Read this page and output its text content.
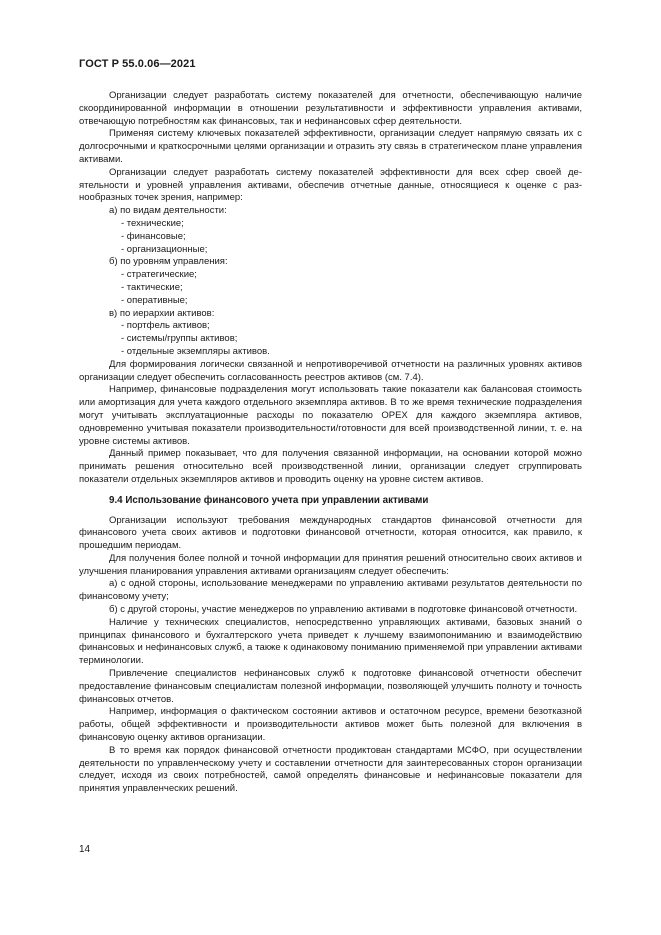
ГОСТ Р 55.0.06—2021

Организации следует разработать систему показателей для отчетности, обеспечивающую наличие скоординированной информации в отношении результативности и эффективности управления активами, отвечающую потребностям как финансовых, так и нефинансовых сфер деятельности.

Применяя систему ключевых показателей эффективности, организации следует напрямую связать их с долгосрочными и краткосрочными целями организации и отразить эту связь в стратегическом плане управления активами.

Организации следует разработать систему показателей эффективности для всех сфер своей деятельности и уровней управления активами, обеспечив отчетные данные, относящиеся к оценке с разнообразных точек зрения, например:

а) по видам деятельности:
- технические;
- финансовые;
- организационные;
б) по уровням управления:
- стратегические;
- тактические;
- оперативные;
в) по иерархии активов:
- портфель активов;
- системы/группы активов;
- отдельные экземпляры активов.

Для формирования логически связанной и непротиворечивой отчетности на различных уровнях активов организации следует обеспечить согласованность реестров активов (см. 7.4).

Например, финансовые подразделения могут использовать такие показатели как балансовая стоимость или амортизация для учета каждого отдельного экземпляра активов. В то же время технические подразделения могут учитывать эксплуатационные расходы по показателю OPEX для каждого экземпляра активов, одновременно учитывая показатели производительности/готовности для всей производственной линии, т. е. на уровне системы активов.

Данный пример показывает, что для получения связанной информации, на основании которой можно принимать решения относительно всей производственной линии, организации следует сгруппировать показатели отдельных экземпляров активов и проводить оценку на уровне систем активов.

9.4 Использование финансового учета при управлении активами

Организации используют требования международных стандартов финансовой отчетности для финансового учета своих активов и подготовки финансовой отчетности, которая относится, как правило, к прошедшим периодам.

Для получения более полной и точной информации для принятия решений относительно своих активов и улучшения планирования управления активами организациям следует обеспечить:

а) с одной стороны, использование менеджерами по управлению активами результатов деятельности по финансовому учету;

б) с другой стороны, участие менеджеров по управлению активами в подготовке финансовой отчетности.

Наличие у технических специалистов, непосредственно управляющих активами, базовых знаний о принципах финансового и бухгалтерского учета приведет к лучшему взаимопониманию и взаимодействию финансовых и нефинансовых служб, а также к одинаковому пониманию применяемой при управлении активами терминологии.

Привлечение специалистов нефинансовых служб к подготовке финансовой отчетности обеспечит предоставление финансовым специалистам полезной информации, позволяющей улучшить полноту и точность финансовых отчетов.

Например, информация о фактическом состоянии активов и остаточном ресурсе, времени безотказной работы, общей эффективности и производительности активов может быть полезной для включения в финансовую оценку активов организации.

В то время как порядок финансовой отчетности продиктован стандартами МСФО, при осуществлении деятельности по управленческому учету и составлении отчетности для заинтересованных сторон организации следует, исходя из своих потребностей, самой определять финансовые и нефинансовые показатели для принятия управленческих решений.

14
